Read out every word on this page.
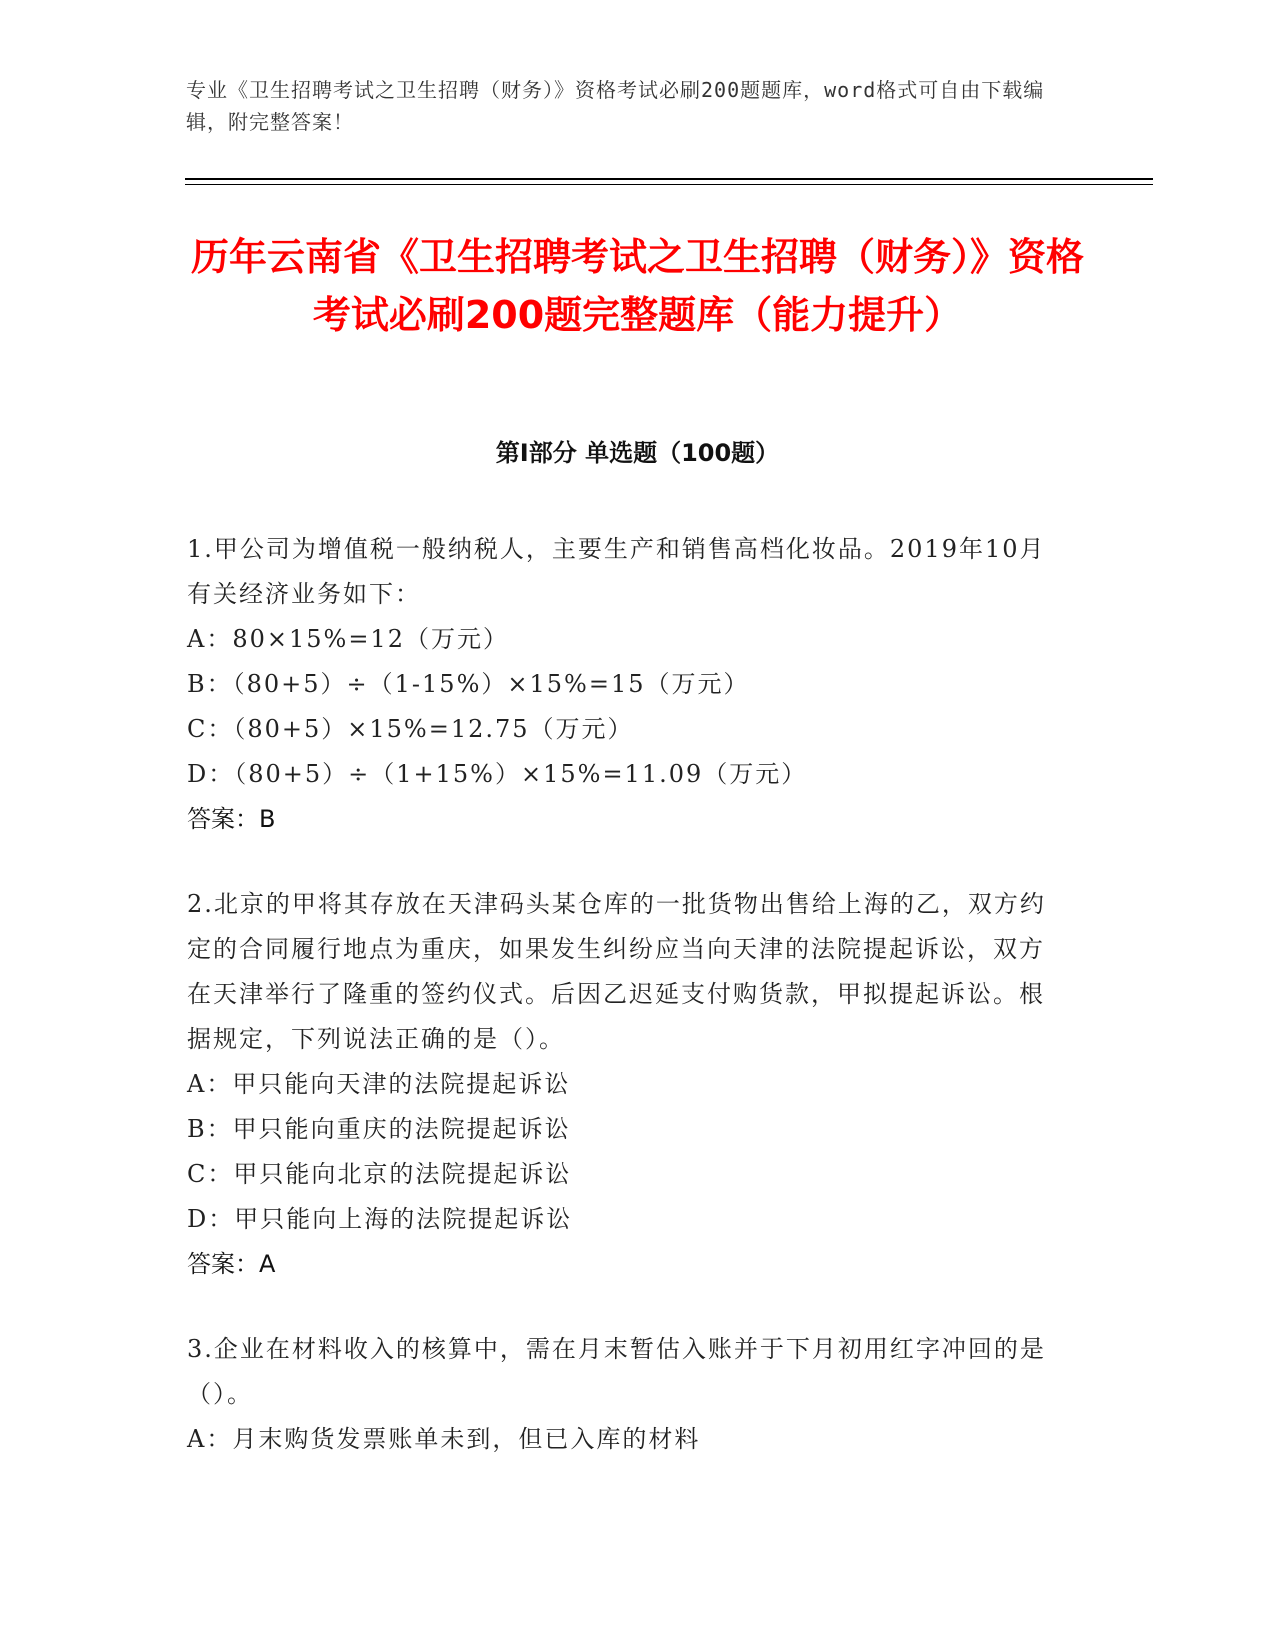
专业《卫生招聘考试之卫生招聘（财务）》资格考试必刷200题题库，word格式可自由下载编辑，附完整答案！
历年云南省《卫生招聘考试之卫生招聘（财务）》资格考试必刷200题完整题库（能力提升）
第I部分 单选题（100题）

1.甲公司为增值税一般纳税人，主要生产和销售高档化妆品。2019年10月有关经济业务如下：

A：80×15%=12（万元）

B：（80+5）÷（1-15%）×15%=15（万元）

C：（80+5）×15%=12.75（万元）

D：（80+5）÷（1+15%）×15%=11.09（万元）

答案：B

2.北京的甲将其存放在天津码头某仓库的一批货物出售给上海的乙，双方约定的合同履行地点为重庆，如果发生纠纷应当向天津的法院提起诉讼，双方在天津举行了隆重的签约仪式。后因乙迟延支付购货款，甲拟提起诉讼。根据规定，下列说法正确的是（）。

A：甲只能向天津的法院提起诉讼

B：甲只能向重庆的法院提起诉讼

C：甲只能向北京的法院提起诉讼

D：甲只能向上海的法院提起诉讼

答案：A

3.企业在材料收入的核算中，需在月末暂估入账并于下月初用红字冲回的是（）。

A：月末购货发票账单未到，但已入库的材料
